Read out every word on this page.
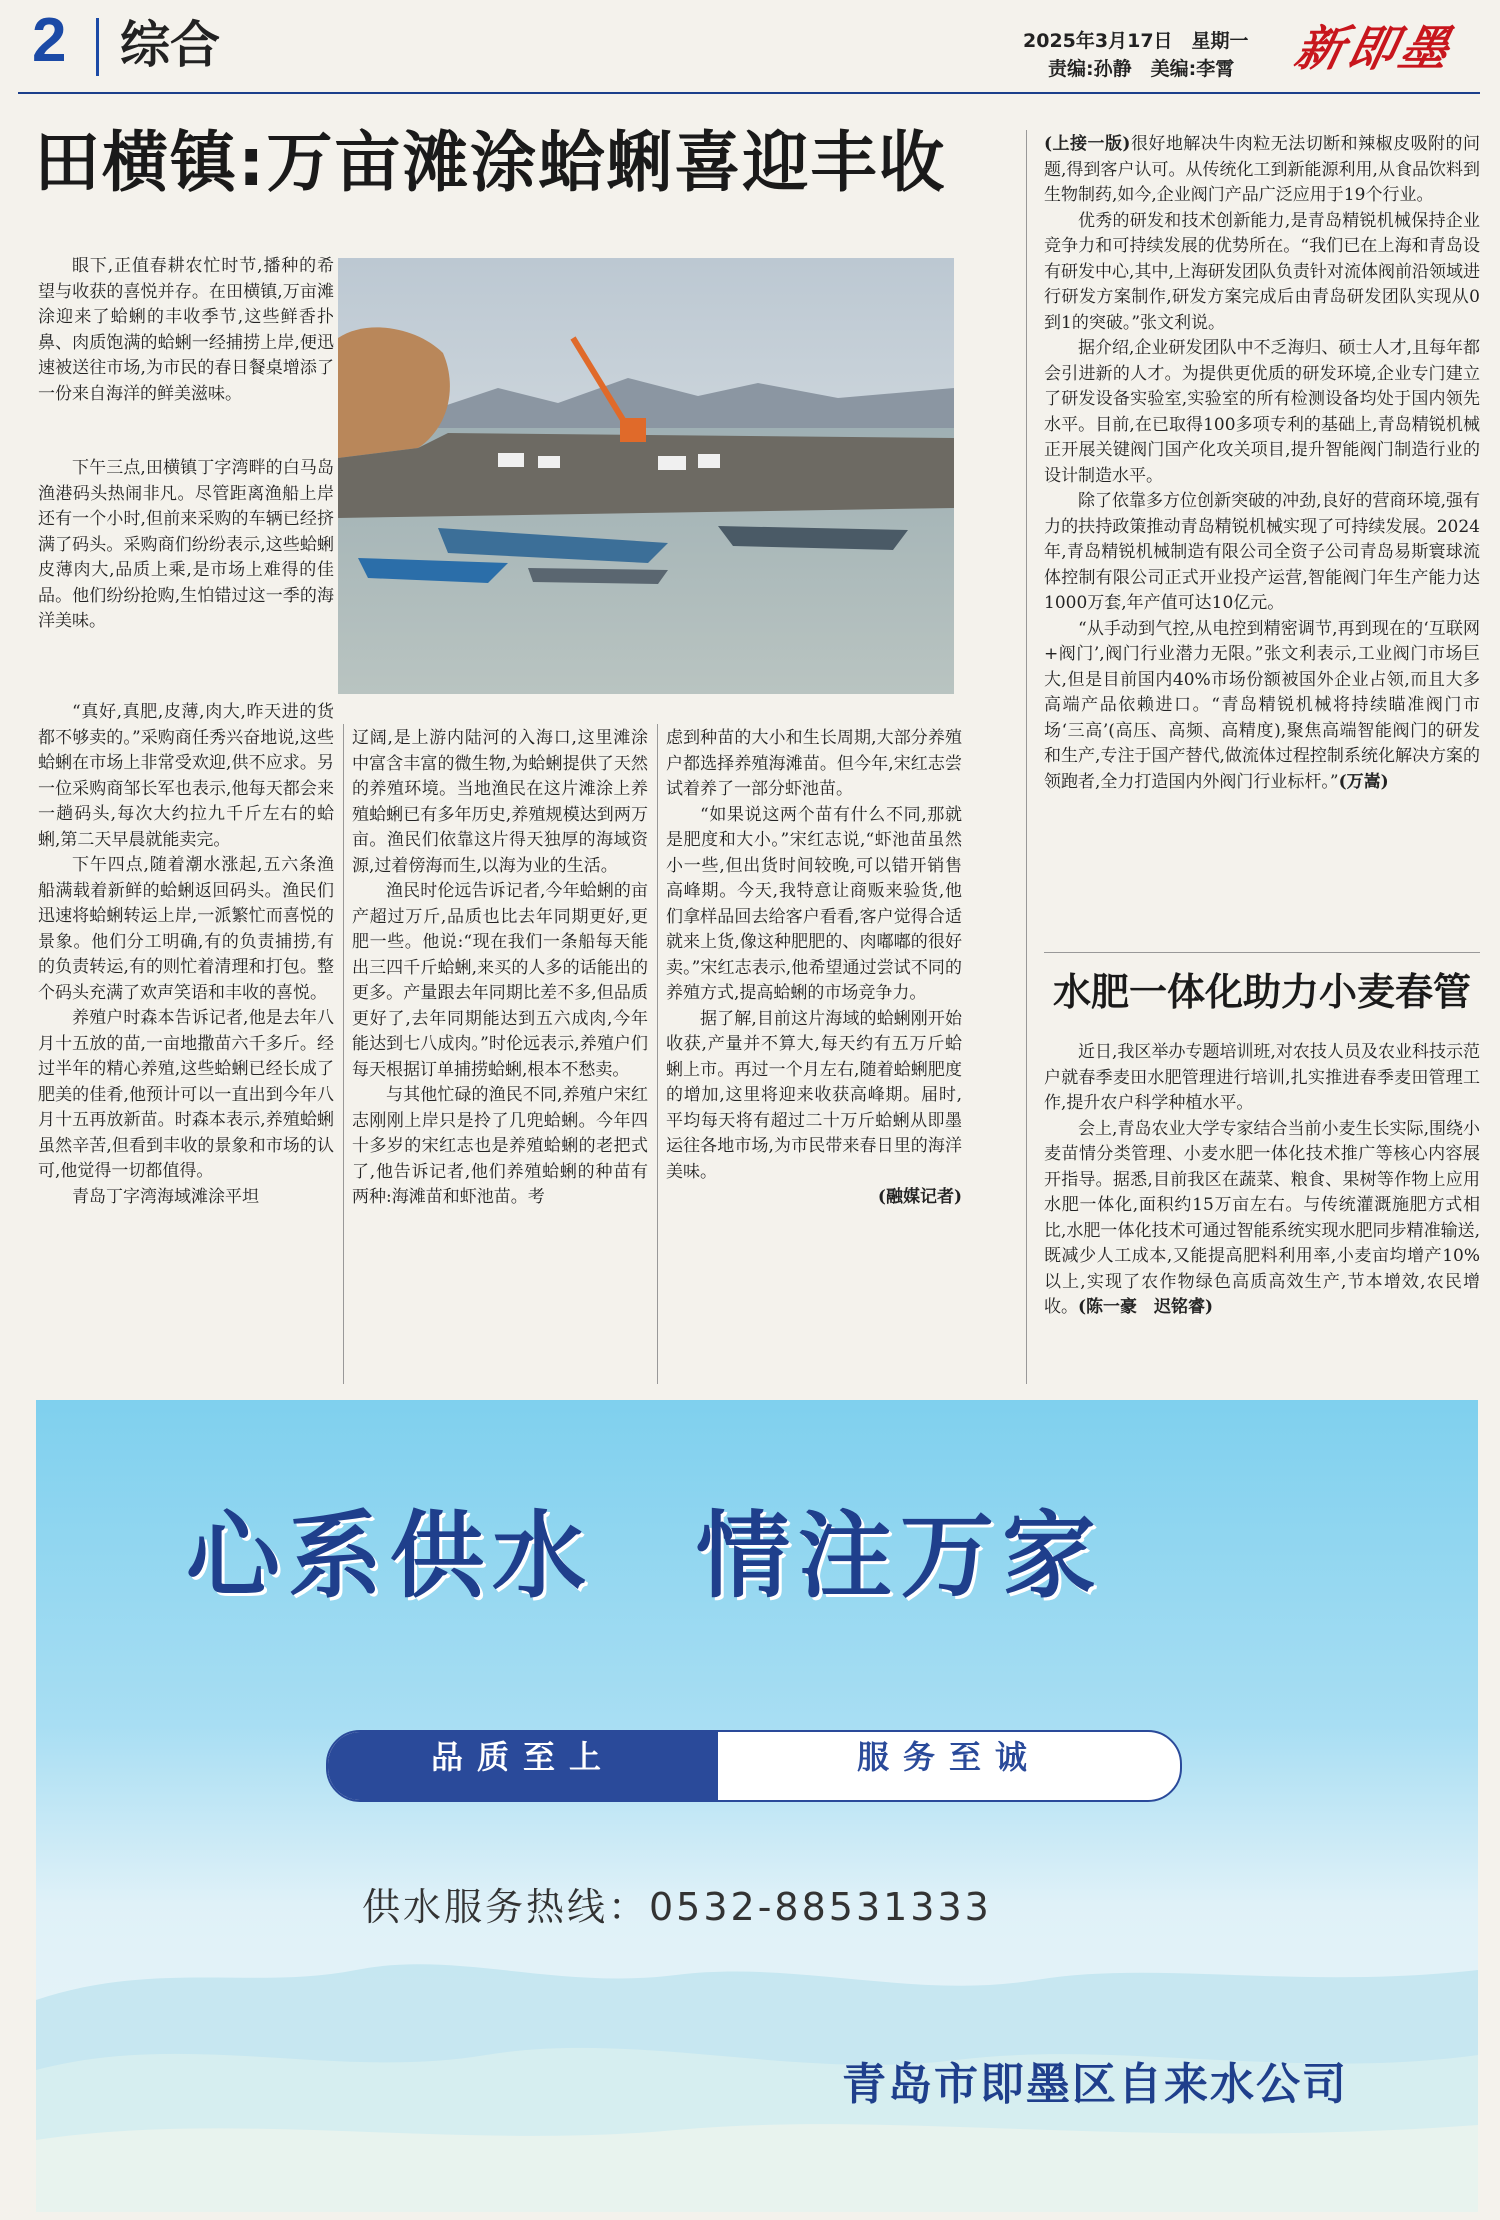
2 综合	2025年3月17日　星期一
责编:孙静　美编:李霄 新即墨
田横镇:万亩滩涂蛤蜊喜迎丰收

眼下,正值春耕农忙时节,播种的希望与收获的喜悦并存。在田横镇,万亩滩涂迎来了蛤蜊的丰收季节,这些鲜香扑鼻、肉质饱满的蛤蜊一经捕捞上岸,便迅速被送往市场,为市民的春日餐桌增添了一份来自海洋的鲜美滋味。

下午三点,田横镇丁字湾畔的白马岛渔港码头热闹非凡。尽管距离渔船上岸还有一个小时,但前来采购的车辆已经挤满了码头。采购商们纷纷表示,这些蛤蜊皮薄肉大,品质上乘,是市场上难得的佳品。他们纷纷抢购,生怕错过这一季的海洋美味。

“真好,真肥,皮薄,肉大,昨天进的货都不够卖的。”采购商任秀兴奋地说,这些蛤蜊在市场上非常受欢迎,供不应求。另一位采购商邹长军也表示,他每天都会来一趟码头,每次大约拉九千斤左右的蛤蜊,第二天早晨就能卖完。

下午四点,随着潮水涨起,五六条渔船满载着新鲜的蛤蜊返回码头。渔民们迅速将蛤蜊转运上岸,一派繁忙而喜悦的景象。他们分工明确,有的负责捕捞,有的负责转运,有的则忙着清理和打包。整个码头充满了欢声笑语和丰收的喜悦。

养殖户时森本告诉记者,他是去年八月十五放的苗,一亩地撒苗六千多斤。经过半年的精心养殖,这些蛤蜊已经长成了肥美的佳肴,他预计可以一直出到今年八月十五再放新苗。时森本表示,养殖蛤蜊虽然辛苦,但看到丰收的景象和市场的认可,他觉得一切都值得。

青岛丁字湾海域滩涂平坦

辽阔,是上游内陆河的入海口,这里滩涂中富含丰富的微生物,为蛤蜊提供了天然的养殖环境。当地渔民在这片滩涂上养殖蛤蜊已有多年历史,养殖规模达到两万亩。渔民们依靠这片得天独厚的海域资源,过着傍海而生,以海为业的生活。

渔民时伦远告诉记者,今年蛤蜊的亩产超过万斤,品质也比去年同期更好,更肥一些。他说:“现在我们一条船每天能出三四千斤蛤蜊,来买的人多的话能出的更多。产量跟去年同期比差不多,但品质更好了,去年同期能达到五六成肉,今年能达到七八成肉。”时伦远表示,养殖户们每天根据订单捕捞蛤蜊,根本不愁卖。

与其他忙碌的渔民不同,养殖户宋红志刚刚上岸只是拎了几兜蛤蜊。今年四十多岁的宋红志也是养殖蛤蜊的老把式了,他告诉记者,他们养殖蛤蜊的种苗有两种:海滩苗和虾池苗。考

虑到种苗的大小和生长周期,大部分养殖户都选择养殖海滩苗。但今年,宋红志尝试着养了一部分虾池苗。

“如果说这两个苗有什么不同,那就是肥度和大小。”宋红志说,“虾池苗虽然小一些,但出货时间较晚,可以错开销售高峰期。今天,我特意让商贩来验货,他们拿样品回去给客户看看,客户觉得合适就来上货,像这种肥肥的、肉嘟嘟的很好卖。”宋红志表示,他希望通过尝试不同的养殖方式,提高蛤蜊的市场竞争力。

据了解,目前这片海域的蛤蜊刚开始收获,产量并不算大,每天约有五万斤蛤蜊上市。再过一个月左右,随着蛤蜊肥度的增加,这里将迎来收获高峰期。届时,平均每天将有超过二十万斤蛤蜊从即墨运往各地市场,为市民带来春日里的海洋美味。

(融媒记者)

(上接一版)很好地解决牛肉粒无法切断和辣椒皮吸附的问题,得到客户认可。从传统化工到新能源利用,从食品饮料到生物制药,如今,企业阀门产品广泛应用于19个行业。

优秀的研发和技术创新能力,是青岛精锐机械保持企业竞争力和可持续发展的优势所在。“我们已在上海和青岛设有研发中心,其中,上海研发团队负责针对流体阀前沿领域进行研发方案制作,研发方案完成后由青岛研发团队实现从0到1的突破。”张文利说。

据介绍,企业研发团队中不乏海归、硕士人才,且每年都会引进新的人才。为提供更优质的研发环境,企业专门建立了研发设备实验室,实验室的所有检测设备均处于国内领先水平。目前,在已取得100多项专利的基础上,青岛精锐机械正开展关键阀门国产化攻关项目,提升智能阀门制造行业的设计制造水平。

除了依靠多方位创新突破的冲劲,良好的营商环境,强有力的扶持政策推动青岛精锐机械实现了可持续发展。2024年,青岛精锐机械制造有限公司全资子公司青岛易斯寰球流体控制有限公司正式开业投产运营,智能阀门年生产能力达1000万套,年产值可达10亿元。

“从手动到气控,从电控到精密调节,再到现在的‘互联网+阀门’,阀门行业潜力无限。”张文利表示,工业阀门市场巨大,但是目前国内40%市场份额被国外企业占领,而且大多高端产品依赖进口。“青岛精锐机械将持续瞄准阀门市场‘三高’(高压、高频、高精度),聚焦高端智能阀门的研发和生产,专注于国产替代,做流体过程控制系统化解决方案的领跑者,全力打造国内外阀门行业标杆。”(万嵩)

水肥一体化助力小麦春管

近日,我区举办专题培训班,对农技人员及农业科技示范户就春季麦田水肥管理进行培训,扎实推进春季麦田管理工作,提升农户科学种植水平。

会上,青岛农业大学专家结合当前小麦生长实际,围绕小麦苗情分类管理、小麦水肥一体化技术推广等核心内容展开指导。据悉,目前我区在蔬菜、粮食、果树等作物上应用水肥一体化,面积约15万亩左右。与传统灌溉施肥方式相比,水肥一体化技术可通过智能系统实现水肥同步精准输送,既减少人工成本,又能提高肥料利用率,小麦亩均增产10%以上,实现了农作物绿色高质高效生产,节本增效,农民增收。(陈一豪　迟铭睿)

心系供水　情注万家
品质至上	服务至诚
供水服务热线：0532-88531333
青岛市即墨区自来水公司
